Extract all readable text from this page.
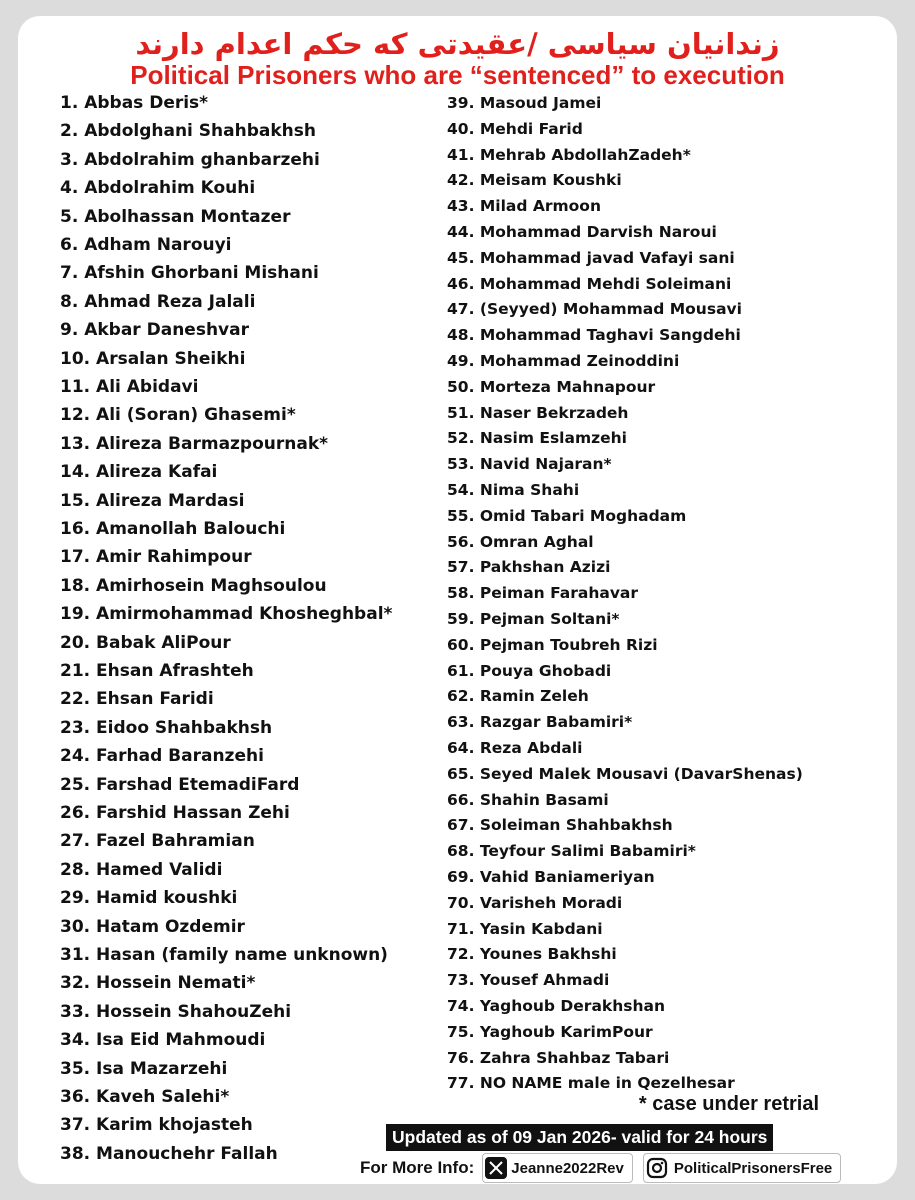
زندانیان سیاسی /عقیدتی که حکم اعدام دارند
Political Prisoners who are “sentenced” to execution
1. Abbas Deris*
2. Abdolghani Shahbakhsh
3. Abdolrahim ghanbarzehi
4. Abdolrahim Kouhi
5. Abolhassan Montazer
6. Adham Narouyi
7. Afshin Ghorbani Mishani
8. Ahmad Reza Jalali
9. Akbar Daneshvar
10. Arsalan Sheikhi
11. Ali Abidavi
12. Ali (Soran) Ghasemi*
13. Alireza Barmazpournak*
14. Alireza Kafai
15. Alireza Mardasi
16. Amanollah Balouchi
17. Amir Rahimpour
18. Amirhosein Maghsoulou
19. Amirmohammad Khosheghbal*
20. Babak AliPour
21. Ehsan Afrashteh
22. Ehsan Faridi
23. Eidoo Shahbakhsh
24. Farhad Baranzehi
25. Farshad EtemadiFard
26. Farshid Hassan Zehi
27. Fazel Bahramian
28. Hamed Validi
29. Hamid koushki
30. Hatam Ozdemir
31. Hasan (family name unknown)
32. Hossein Nemati*
33. Hossein ShahouZehi
34. Isa Eid Mahmoudi
35. Isa Mazarzehi
36. Kaveh Salehi*
37. Karim khojasteh
38. Manouchehr Fallah
39. Masoud Jamei
40. Mehdi Farid
41. Mehrab AbdollahZadeh*
42. Meisam Koushki
43. Milad Armoon
44. Mohammad Darvish Naroui
45. Mohammad javad Vafayi sani
46. Mohammad Mehdi Soleimani
47. (Seyyed) Mohammad Mousavi
48. Mohammad Taghavi Sangdehi
49. Mohammad Zeinoddini
50. Morteza Mahnapour
51. Naser Bekrzadeh
52. Nasim Eslamzehi
53. Navid Najaran*
54. Nima Shahi
55. Omid Tabari Moghadam
56. Omran Aghal
57. Pakhshan Azizi
58. Peiman Farahavar
59. Pejman Soltani*
60. Pejman Toubreh Rizi
61. Pouya Ghobadi
62. Ramin Zeleh
63. Razgar Babamiri*
64. Reza Abdali
65. Seyed Malek Mousavi (DavarShenas)
66. Shahin Basami
67. Soleiman Shahbakhsh
68. Teyfour Salimi Babamiri*
69. Vahid Baniameriyan
70. Varisheh Moradi
71. Yasin Kabdani
72. Younes Bakhshi
73. Yousef Ahmadi
74. Yaghoub Derakhshan
75. Yaghoub KarimPour
76. Zahra Shahbaz Tabari
77. NO NAME male in Qezelhesar
* case under retrial
Updated as of 09 Jan 2026- valid for 24 hours
For More Info: Jeanne2022Rev	PoliticalPrisonersFree
